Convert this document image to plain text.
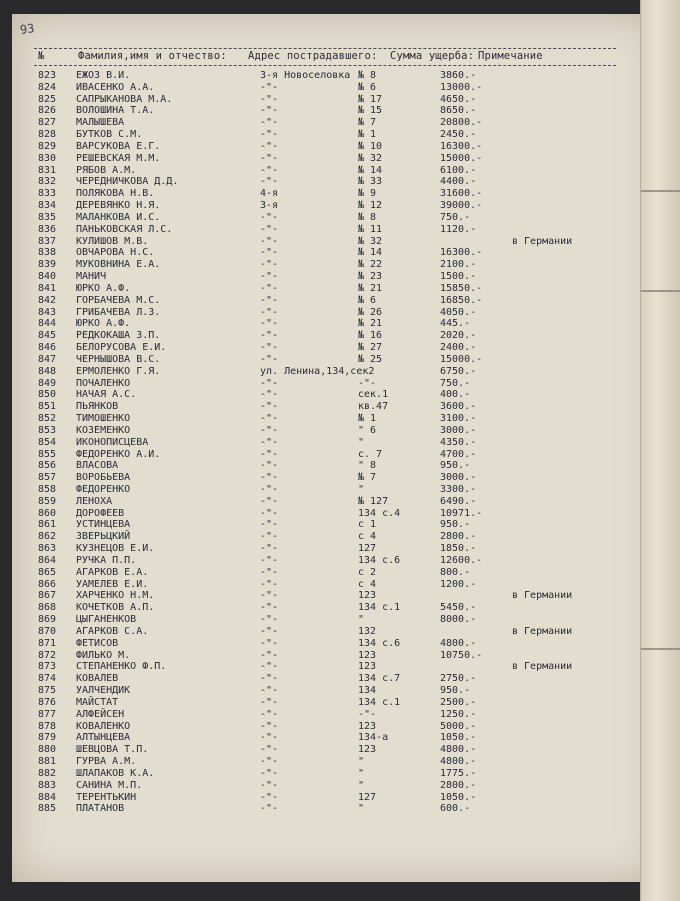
93
№	Фамилия,имя и отчество: Адрес пострадавшего: Сумма ущерба: Примечание
823	ЕЖОЗ В.И.	3-я Новоселовка № 8	3860.-
824	ИВАСЕНКО А.А.	-"-	№ 6	13000.-
825	САПРЫКАНОВА М.А.	-"-	№ 17	4650.-
826	ВОЛОШИНА Т.А.	-"-	№ 15	8650.-
827	МАЛЫШЕВА	-"-	№ 7	20800.-
828	БУТКОВ С.М.	-"-	№ 1	2450.-
829	ВАРСУКОВА Е.Г.	-"-	№ 10	16300.-
830	РЕШЕВСКАЯ М.М.	-"-	№ 32	15000.-
831	РЯБОВ А.М.	-"-	№ 14	6100.-
832	ЧЕРЕДНИЧКОВА Д.Д.	-"-	№ 33	4400.-
833	ПОЛЯКОВА Н.В.	4-я	№ 9	31600.-
834	ДЕРЕВЯНКО Н.Я.	3-я	№ 12	39000.-
835	МАЛАНКОВА И.С.	-"-	№ 8	750.-
836	ПАНЬКОВСКАЯ Л.С.	-"-	№ 11	1120.-
837	КУЛИШОВ М.В.	-"-	№ 32	в Германии
838	ОВЧАРОВА Н.С.	-"-	№ 14	16300.-
839	МУКОВНИНА Е.А.	-"-	№ 22	2100.-
840	МАНИЧ	-"-	№ 23	1500.-
841	ЮРКО А.Ф.	-"-	№ 21	15850.-
842	ГОРБАЧЕВА М.С.	-"-	№ 6	16850.-
843	ГРИБАЧЕВА Л.З.	-"-	№ 26	4050.-
844	ЮРКО А.Ф.	-"-	№ 21	445.-
845	РЕДКОКАША З.П.	-"-	№ 16	2020.-
846	БЕЛОРУСОВА Е.И.	-"-	№ 27	2400.-
847	ЧЕРНЫШОВА В.С.	-"-	№ 25	15000.-
848	ЕРМОЛЕНКО Г.Я.	ул. Ленина,134,сек2	6750.-
849	ПОЧАЛЕНКО	-"-	-"-	750.-
850	НАЧАЯ А.С.	-"-	сек.1	400.-
851	ПЬЯНКОВ	-"-	кв.47	3600.-
852	ТИМОШЕНКО	-"-	№ 1	3100.-
853	КОЗЕМЕНКО	-"-	" 6	3000.-
854	ИКОНОПИСЦЕВА	-"-	"	4350.-
855	ФЕДОРЕНКО А.И.	-"-	с. 7	4700.-
856	ВЛАСОВА	-"-	" 8	950.-
857	ВОРОБЬЕВА	-"-	№ 7	3000.-
858	ФЕДОРЕНКО	-"-	"	3300.-
859	ЛЕНОХА	-"-	№ 127	6490.-
860	ДОРОФЕЕВ	-"-	134 с.4	10971.-
861	УСТИНЦЕВА	-"-	с 1	950.-
862	ЗВЕРЬЦКИЙ	-"-	с 4	2800.-
863	КУЗНЕЦОВ Е.И.	-"-	127	1850.-
864	РУЧКА П.П.	-"-	134 с.6	12600.-
865	АГАРКОВ Е.А.	-"-	с 2	800.-
866	УАМЕЛЕВ Е.И.	-"-	с 4	1200.-
867	ХАРЧЕНКО Н.М.	-"-	123	в Германии
868	КОЧЕТКОВ А.П.	-"-	134 с.1	5450.-
869	ЦЫГАНЕНКОВ	-"-	"	8000.-
870	АГАРКОВ С.А.	-"-	132	в Германии
871	ФЕТИСОВ	-"-	134 с.6	4800.-
872	ФИЛЬКО М.	-"-	123	10750.-
873	СТЕПАНЕНКО Ф.П.	-"-	123	в Германии
874	КОВАЛЕВ	-"-	134 с.7	2750.-
875	УАЛЧЕНДИК	-"-	134	950.-
876	МАЙСТАТ	-"-	134 с.1	2500.-
877	АЛФЕЙСЕН	-"-	-"-	1250.-
878	КОВАЛЕНКО	-"-	123	5000.-
879	АЛТЫНЦЕВА	-"-	134-а	1050.-
880	ШЕВЦОВА Т.П.	-"-	123	4800.-
881	ГУРВА А.М.	-"-	"	4800.-
882	ШЛАПАКОВ К.А.	-"-	"	1775.-
883	САНИНА М.П.	-"-	"	2800.-
884	ТЕРЕНТЬКИН	-"-	127	1050.-
885	ПЛАТАНОВ	-"-	"	600.-
